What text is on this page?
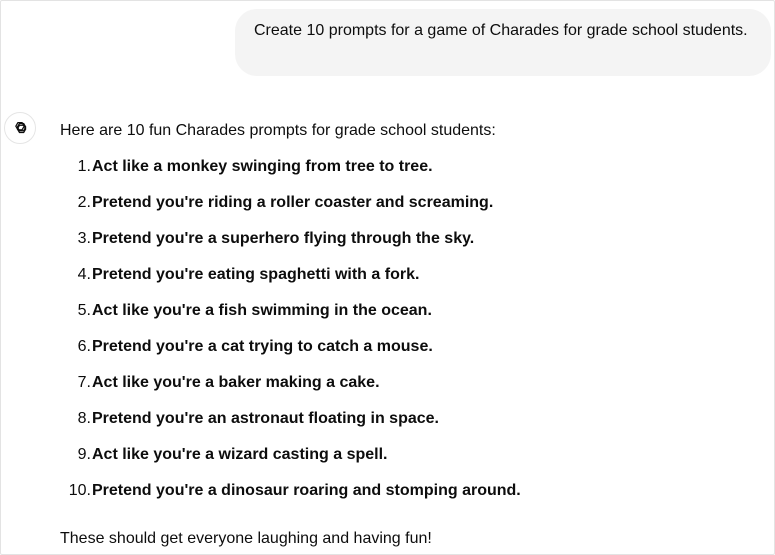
Create 10 prompts for a game of Charades for grade school students.

Here are 10 fun Charades prompts for grade school students:

1. Act like a monkey swinging from tree to tree.
2. Pretend you're riding a roller coaster and screaming.
3. Pretend you're a superhero flying through the sky.
4. Pretend you're eating spaghetti with a fork.
5. Act like you're a fish swimming in the ocean.
6. Pretend you're a cat trying to catch a mouse.
7. Act like you're a baker making a cake.
8. Pretend you're an astronaut floating in space.
9. Act like you're a wizard casting a spell.
10. Pretend you're a dinosaur roaring and stomping around.

These should get everyone laughing and having fun!
